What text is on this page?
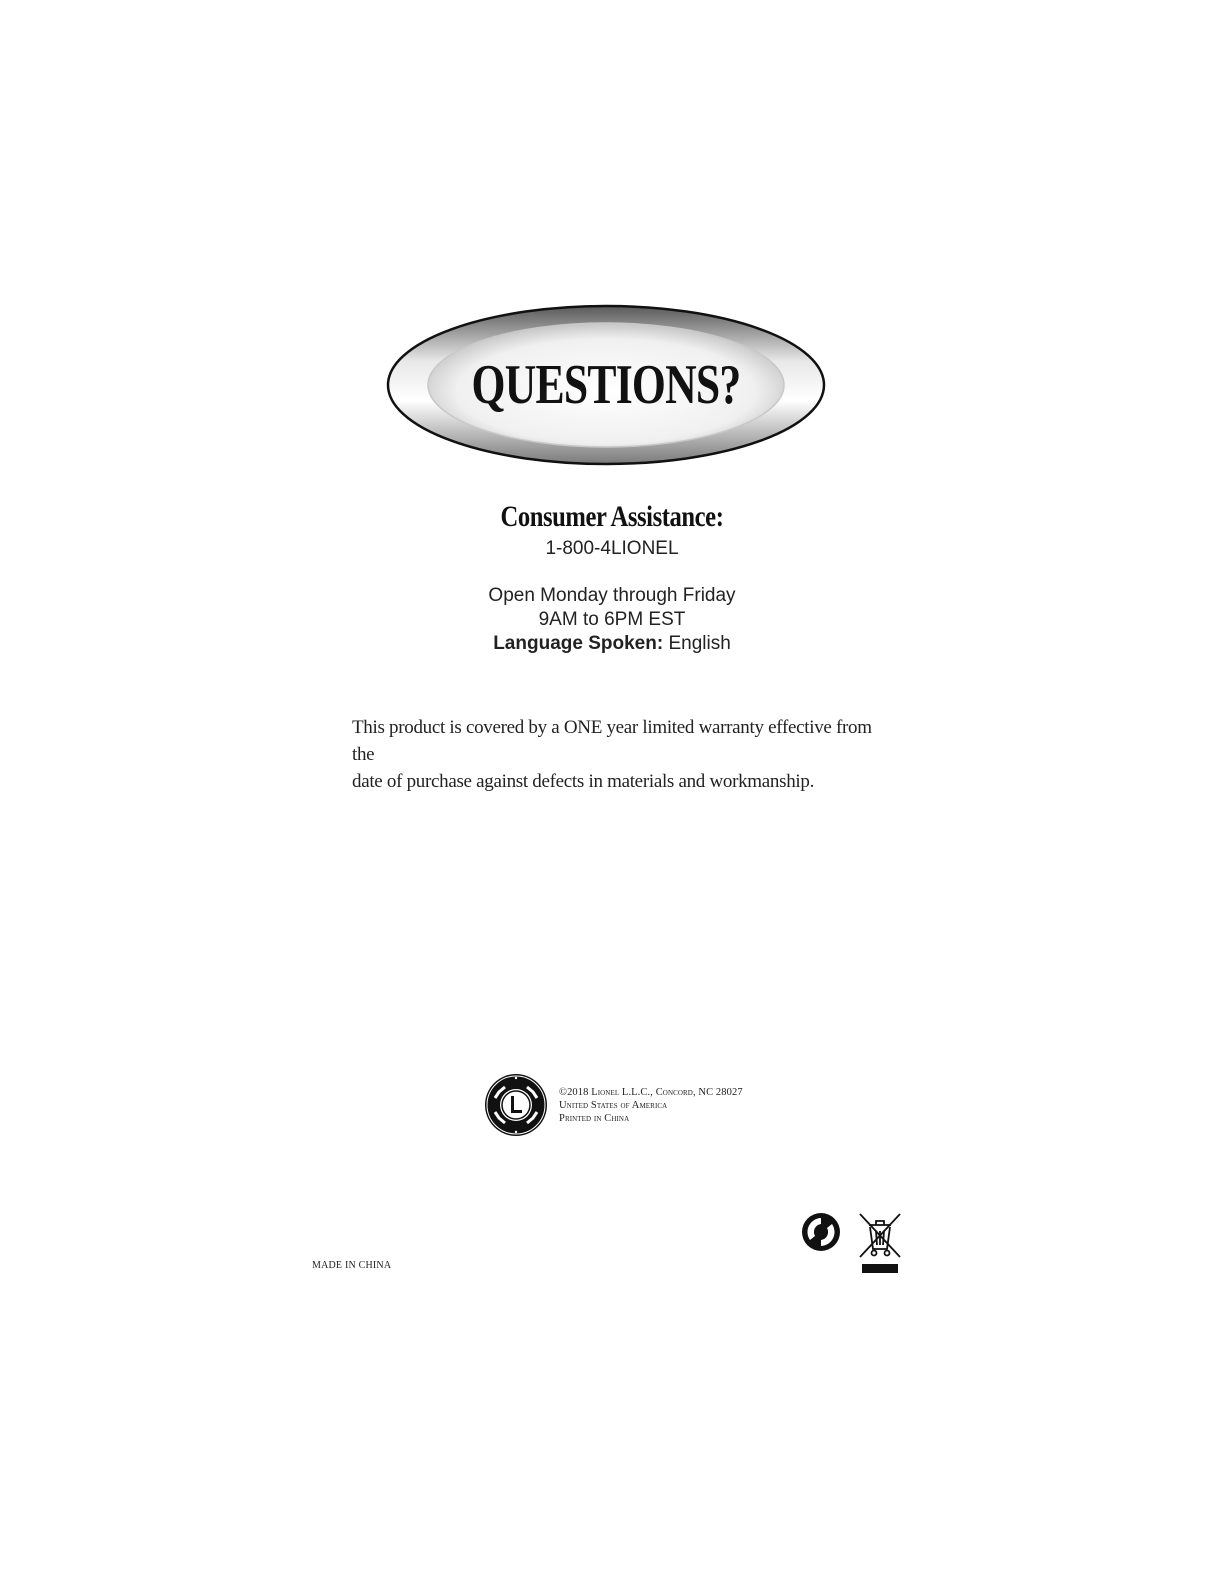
QUESTIONS?
Consumer Assistance:
1-800-4LIONEL
Open Monday through Friday
9AM to 6PM EST
Language Spoken: English
This product is covered by a ONE year limited warranty effective from the
date of purchase against defects in materials and workmanship.
©2018 Lionel L.L.C., Concord, NC 28027
United States of America
Printed in China
MADE IN CHINA
